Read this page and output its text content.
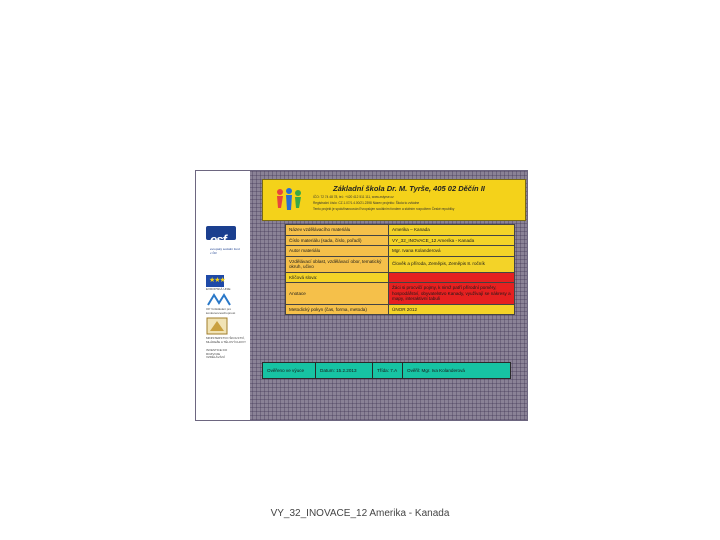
esf
evropský sociální fond v ČR
★★★
EVROPSKÁ UNIE
OP Vzdělávání pro konkurenceschopnost
MINISTERSTVO ŠKOLSTVÍ, MLÁDEŽE A TĚLOVÝCHOVY
INVESTICE DO ROZVOJE VZDĚLÁVÁNÍ
Základní škola Dr. M. Tyrše, 405 02 Děčín II
IČO: 72 74 48 78, tel.: +420 412 511 111, www.zstyrse.cz
Registrační číslo: CZ.1.07/1.4.00/21.2398 Název projektu: Škola to zvládne
Tento projekt je spolufinancován Evropským sociálním fondem a státním rozpočtem České republiky
Název vzdělávacího materiálu	Amerika – Kanada
Číslo materiálu (sada, číslo, pořadí)	VY_32_INOVACE_12 Amerika - Kanada
Autor materiálu	Mgr. Ivana Kolanderová
Vzdělávací oblast, vzdělávací obor, tematický okruh, učivo	Člověk a příroda, Zeměpis, Zeměpis 8. ročník
Klíčová slova:	
Anotace	Žáci si procvičí pojmy, k nimž patří přírodní poměry, hospodářství, obyvatelstvo Kanady, využívají se nákresy a mapy, interaktivní tabuli
Metodický pokyn (čas, forma, metoda)	ÚNOR 2012
Ověřeno ve výuce	Datum: 15.2.2013	Třída: 7.A	Ověřil: Mgr. Iva Kolanderová
VY_32_INOVACE_12 Amerika - Kanada
